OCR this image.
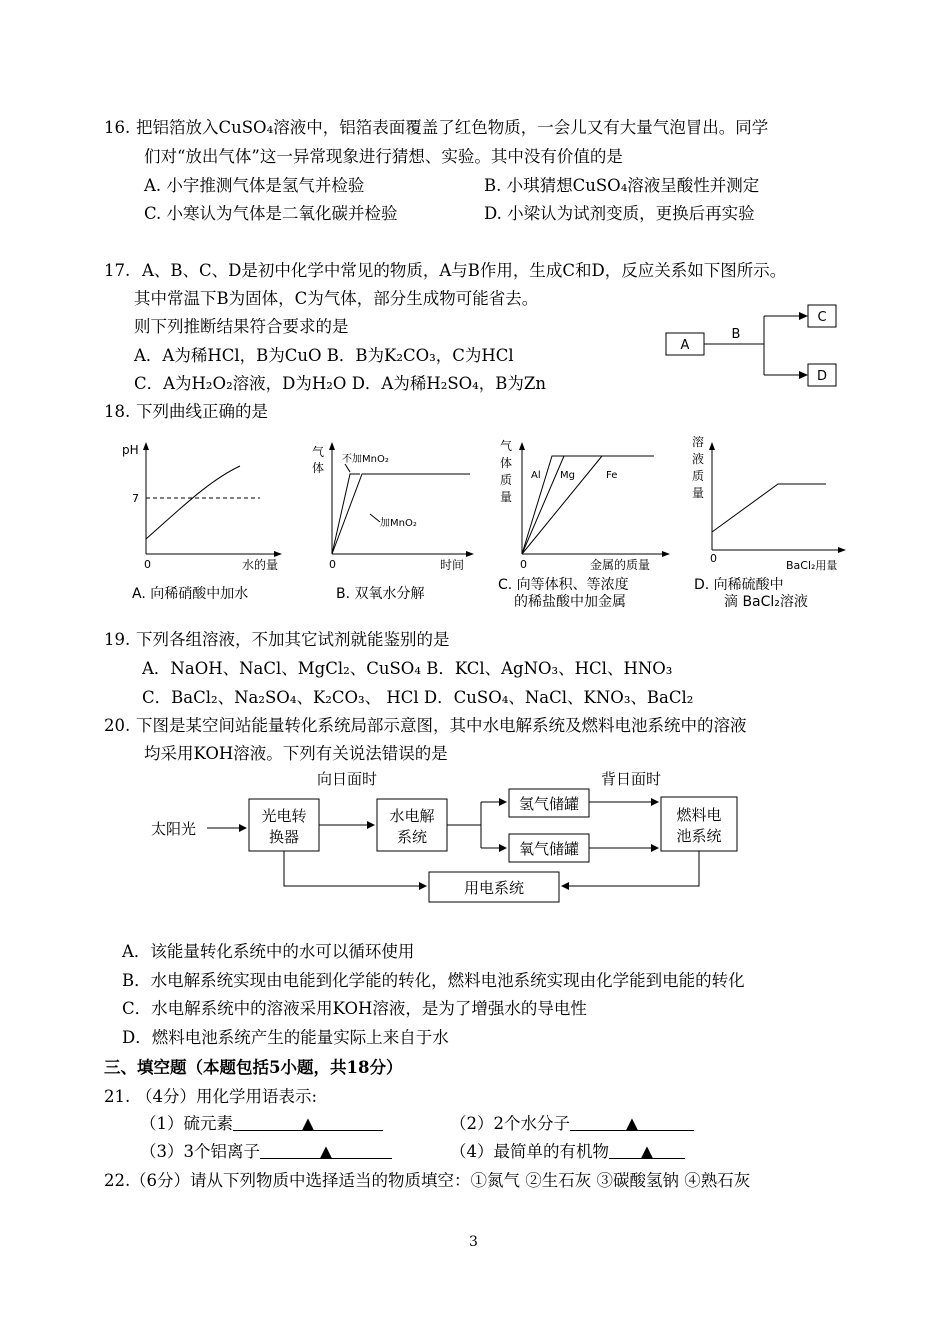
16. 把铝箔放入CuSO₄溶液中，铝箔表面覆盖了红色物质，一会儿又有大量气泡冒出。同学
们对“放出气体”这一异常现象进行猜想、实验。其中没有价值的是
A. 小宇推测气体是氢气并检验	B. 小琪猜想CuSO₄溶液呈酸性并测定
C. 小寒认为气体是二氧化碳并检验	D. 小梁认为试剂变质，更换后再实验
17. A、B、C、D是初中化学中常见的物质，A与B作用，生成C和D，反应关系如下图所示。
其中常温下B为固体，C为气体，部分生成物可能省去。
则下列推断结果符合要求的是
A．A为稀HCl，B为CuO B．B为K₂CO₃，C为HCl
C．A为H₂O₂溶液，D为H₂O D．A为稀H₂SO₄，B为Zn
A
B
C
D
18. 下列曲线正确的是
pH
7
0	水的量
A. 向稀硝酸中加水
气
体
不加MnO₂
加MnO₂
0	时间
B. 双氧水分解
气
体
质
量
Al Mg	Fe
0	金属的质量
C. 向等体积、等浓度
的稀盐酸中加金属
溶
液
质
量
0
BaCl₂用量
D. 向稀硫酸中
滴 BaCl₂溶液
19. 下列各组溶液，不加其它试剂就能鉴别的是
A．NaOH、NaCl、MgCl₂、CuSO₄ B．KCl、AgNO₃、HCl、HNO₃
C．BaCl₂、Na₂SO₄、K₂CO₃、 HCl D．CuSO₄、NaCl、KNO₃、BaCl₂
20. 下图是某空间站能量转化系统局部示意图，其中水电解系统及燃料电池系统中的溶液
均采用KOH溶液。下列有关说法错误的是
向日面时	背日面时
太阳光
光电转
换器
水电解
系统
氢气储罐
氧气储罐
燃料电
池系统
用电系统
A．该能量转化系统中的水可以循环使用
B．水电解系统实现由电能到化学能的转化，燃料电池系统实现由化学能到电能的转化
C．水电解系统中的溶液采用KOH溶液，是为了增强水的导电性
D．燃料电池系统产生的能量实际上来自于水
三、填空题（本题包括5小题，共18分）
21. （4分）用化学用语表示:
（1）硫元素	▲	（2）2个水分子	▲
（3）3个铝离子	▲	（4）最简单的有机物 ▲
22. （6分）请从下列物质中选择适当的物质填空：①氮气 ②生石灰 ③碳酸氢钠 ④熟石灰
3
